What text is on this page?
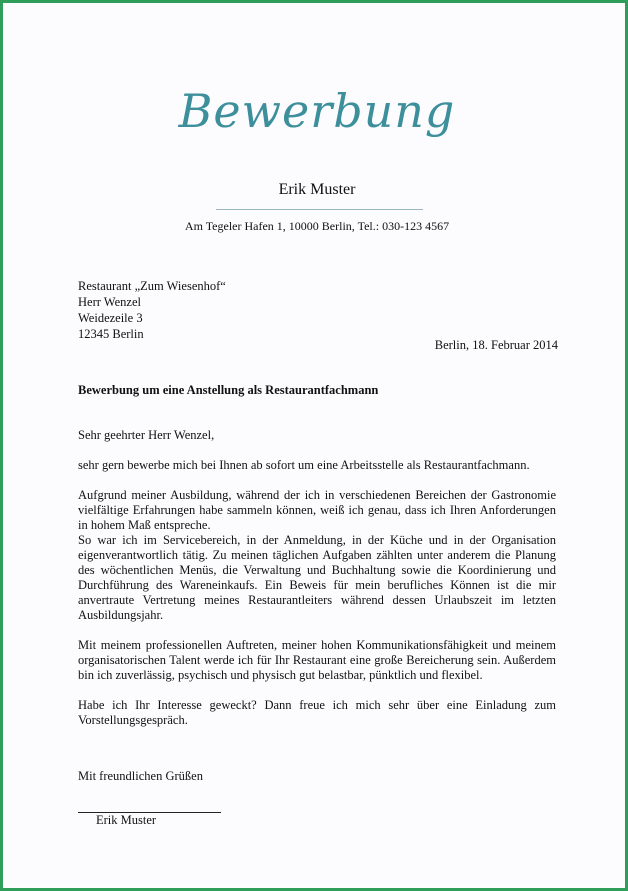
Bewerbung
Erik Muster
Am Tegeler Hafen 1, 10000 Berlin, Tel.: 030-123 4567
Restaurant „Zum Wiesenhof“
Herr Wenzel
Weidezeile 3
12345 Berlin
Berlin, 18. Februar 2014
Bewerbung um eine Anstellung als Restaurantfachmann
Sehr geehrter Herr Wenzel,

sehr gern bewerbe mich bei Ihnen ab sofort um eine Arbeitsstelle als Restaurantfachmann.

Aufgrund meiner Ausbildung, während der ich in verschiedenen Bereichen der Gastronomie vielfältige Erfahrungen habe sammeln können, weiß ich genau, dass ich Ihren Anforderungen in hohem Maß entspreche.

So war ich im Servicebereich, in der Anmeldung, in der Küche und in der Organisation eigenverantwortlich tätig. Zu meinen täglichen Aufgaben zählten unter anderem die Planung des wöchentlichen Menüs, die Verwaltung und Buchhaltung sowie die Koordinierung und Durchführung des Wareneinkaufs. Ein Beweis für mein berufliches Können ist die mir anvertraute Vertretung meines Restaurantleiters während dessen Urlaubszeit im letzten Ausbildungsjahr.

Mit meinem professionellen Auftreten, meiner hohen Kommunikationsfähigkeit und meinem organisatorischen Talent werde ich für Ihr Restaurant eine große Bereicherung sein. Außerdem bin ich zuverlässig, psychisch und physisch gut belastbar, pünktlich und flexibel.

Habe ich Ihr Interesse geweckt? Dann freue ich mich sehr über eine Einladung zum Vorstellungsgespräch.

Mit freundlichen Grüßen
Erik Muster
